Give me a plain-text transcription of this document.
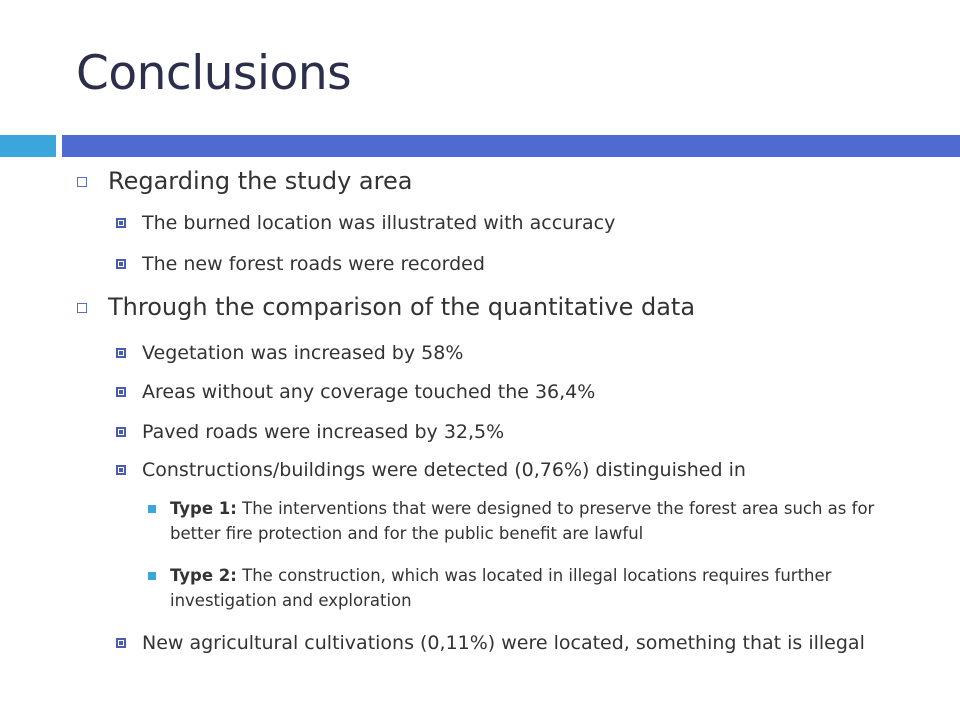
Conclusions
Regarding the study area
The burned location was illustrated with accuracy
The new forest roads were recorded
Through the comparison of the quantitative data
Vegetation was increased by 58%
Areas without any coverage touched the 36,4%
Paved roads were increased by 32,5%
Constructions/buildings were detected (0,76%) distinguished in
Type 1: The interventions that were designed to preserve the forest area such as for better fire protection and for the public benefit are lawful
Type 2: The construction, which was located in illegal locations requires further investigation and exploration
New agricultural cultivations (0,11%) were located, something that is illegal
